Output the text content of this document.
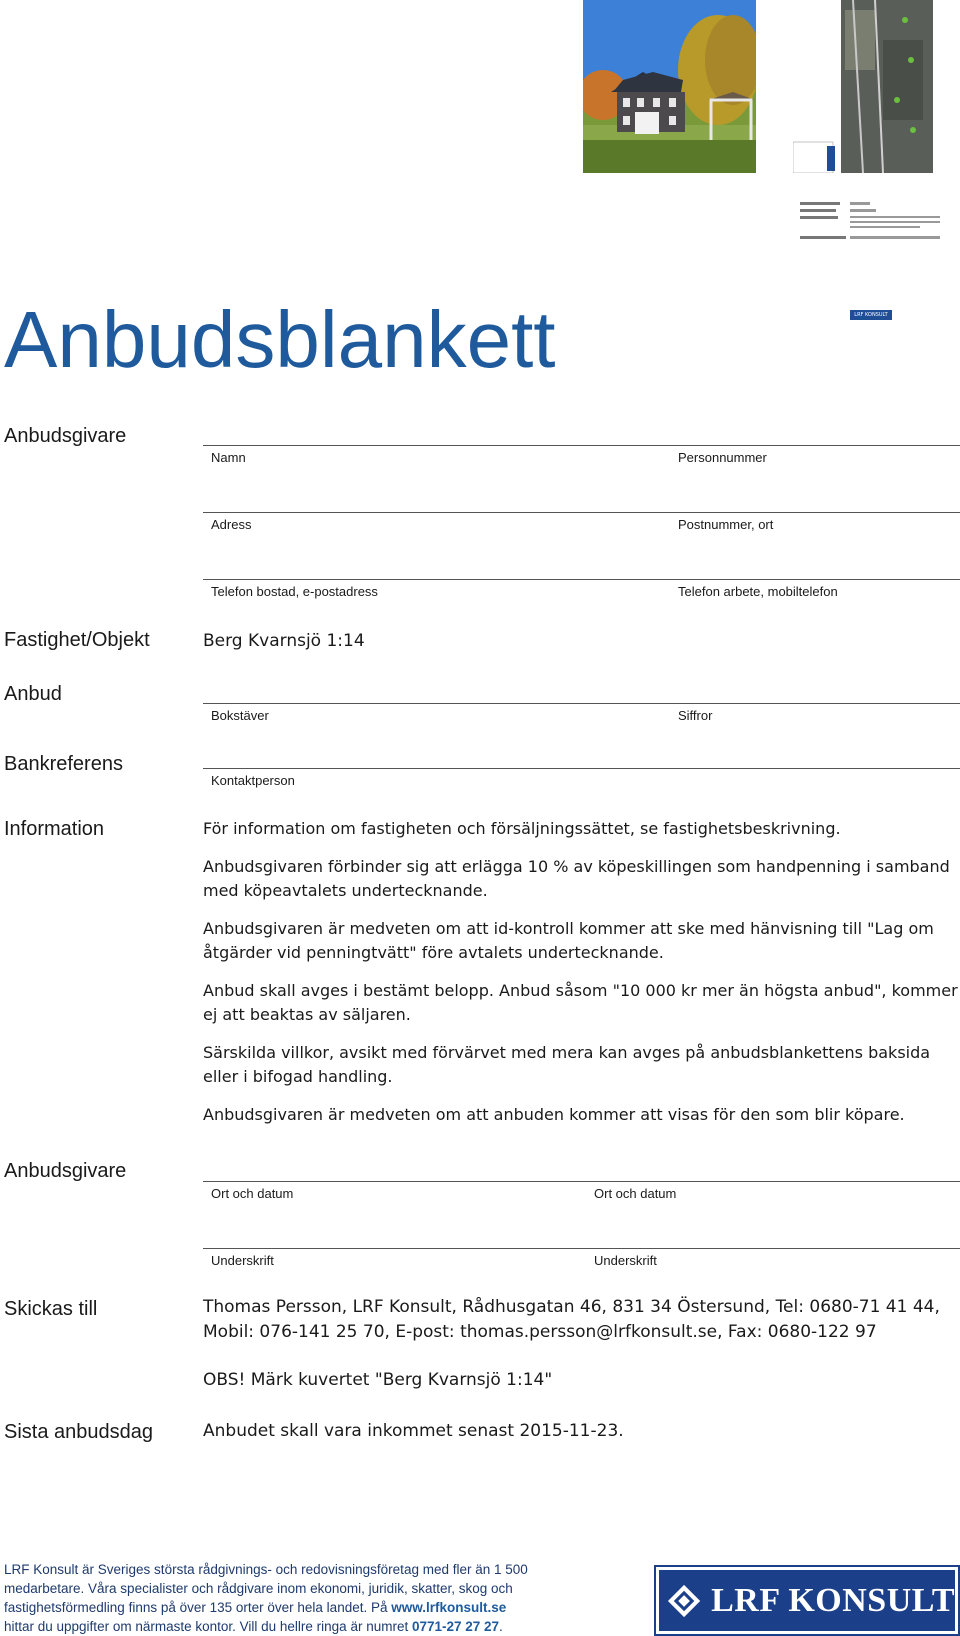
LRF KONSULT
Anbudsblankett
Anbudsgivare
Namn	Personnummer
Adress	Postnummer, ort
Telefon bostad, e-postadress	Telefon arbete, mobiltelefon
Fastighet/Objekt	Berg Kvarnsjö 1:14
Anbud
Bokstäver	Siffror
Bankreferens
Kontaktperson
Information	För information om fastigheten och försäljningssättet, se fastighetsbeskrivning.

Anbudsgivaren förbinder sig att erlägga 10 % av köpeskillingen som handpenning i samband med köpeavtalets undertecknande.

Anbudsgivaren är medveten om att id-kontroll kommer att ske med hänvisning till "Lag om åtgärder vid penningtvätt" före avtalets undertecknande.

Anbud skall avges i bestämt belopp. Anbud såsom "10 000 kr mer än högsta anbud", kommer ej att beaktas av säljaren.

Särskilda villkor, avsikt med förvärvet med mera kan avges på anbudsblankettens baksida eller i bifogad handling.

Anbudsgivaren är medveten om att anbuden kommer att visas för den som blir köpare.

Anbudsgivare
Ort och datum	Ort och datum
Underskrift	Underskrift
Skickas till	Thomas Persson, LRF Konsult, Rådhusgatan 46, 831 34 Östersund, Tel: 0680-71 41 44, Mobil: 076-141 25 70, E-post: thomas.persson@lrfkonsult.se, Fax: 0680-122 97
OBS! Märk kuvertet "Berg Kvarnsjö 1:14"
Sista anbudsdag	Anbudet skall vara inkommet senast 2015-11-23.
LRF Konsult är Sveriges största rådgivnings- och redovisningsföretag med fler än 1 500
medarbetare. Våra specialister och rådgivare inom ekonomi, juridik, skatter, skog och
fastighetsförmedling finns på över 135 orter över hela landet. På www.lrfkonsult.se
hittar du uppgifter om närmaste kontor. Vill du hellre ringa är numret 0771-27 27 27.
LRF KONSULT
